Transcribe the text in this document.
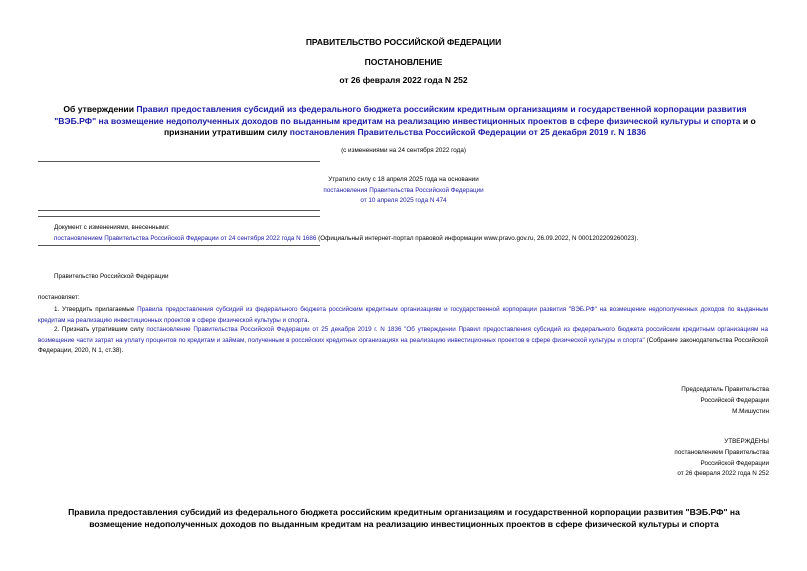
ПРАВИТЕЛЬСТВО РОССИЙСКОЙ ФЕДЕРАЦИИ
ПОСТАНОВЛЕНИЕ
от 26 февраля 2022 года N 252
Об утверждении Правил предоставления субсидий из федерального бюджета российским кредитным организациям и государственной корпорации развития "ВЭБ.РФ" на возмещение недополученных доходов по выданным кредитам на реализацию инвестиционных проектов в сфере физической культуры и спорта и о признании утратившим силу постановления Правительства Российской Федерации от 25 декабря 2019 г. N 1836
(с изменениями на 24 сентября 2022 года)
Утратило силу с 18 апреля 2025 года на основании
постановления Правительства Российской Федерации
от 10 апреля 2025 года N 474
Документ с изменениями, внесенными:
постановлением Правительства Российской Федерации от 24 сентября 2022 года N 1686 (Официальный интернет-портал правовой информации www.pravo.gov.ru, 26.09.2022, N 0001202209260023).
Правительство Российской Федерации
постановляет:
1. Утвердить прилагаемые Правила предоставления субсидий из федерального бюджета российским кредитным организациям и государственной корпорации развития "ВЭБ.РФ" на возмещение недополученных доходов по выданным кредитам на реализацию инвестиционных проектов в сфере физической культуры и спорта.
2. Признать утратившим силу постановление Правительства Российской Федерации от 25 декабря 2019 г. N 1836 "Об утверждении Правил предоставления субсидий из федерального бюджета российским кредитным организациям на возмещение части затрат на уплату процентов по кредитам и займам, полученным в российских кредитных организациях на реализацию инвестиционных проектов в сфере физической культуры и спорта" (Собрание законодательства Российской Федерации, 2020, N 1, ст.38).
Председатель Правительства
Российской Федерации
М.Мишустин
УТВЕРЖДЕНЫ
постановлением Правительства
Российской Федерации
от 26 февраля 2022 года N 252
Правила предоставления субсидий из федерального бюджета российским кредитным организациям и государственной корпорации развития "ВЭБ.РФ" на возмещение недополученных доходов по выданным кредитам на реализацию инвестиционных проектов в сфере физической культуры и спорта
